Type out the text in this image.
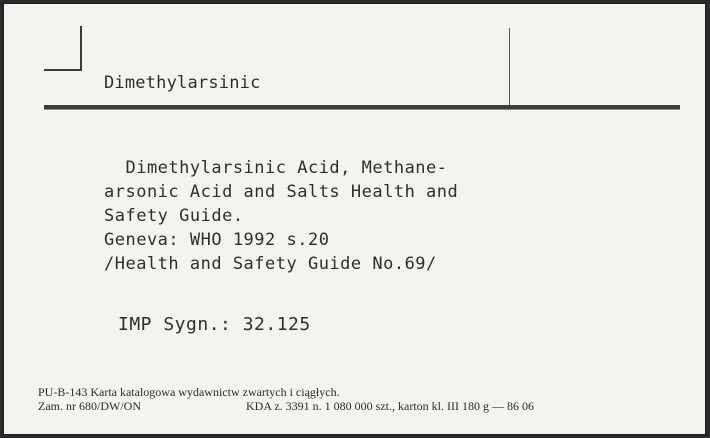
Dimethylarsinic
Dimethylarsinic Acid, Methane-
arsonic Acid and Salts Health and
Safety Guide.
Geneva: WHO 1992 s.20
/Health and Safety Guide No.69/
IMP Sygn.: 32.125
PU-B-143 Karta katalogowa wydawnictw zwartych i ciągłych.
Zam. nr 680/DW/ON	KDA z. 3391 n. 1 080 000 szt., karton kl. III 180 g — 86 06
